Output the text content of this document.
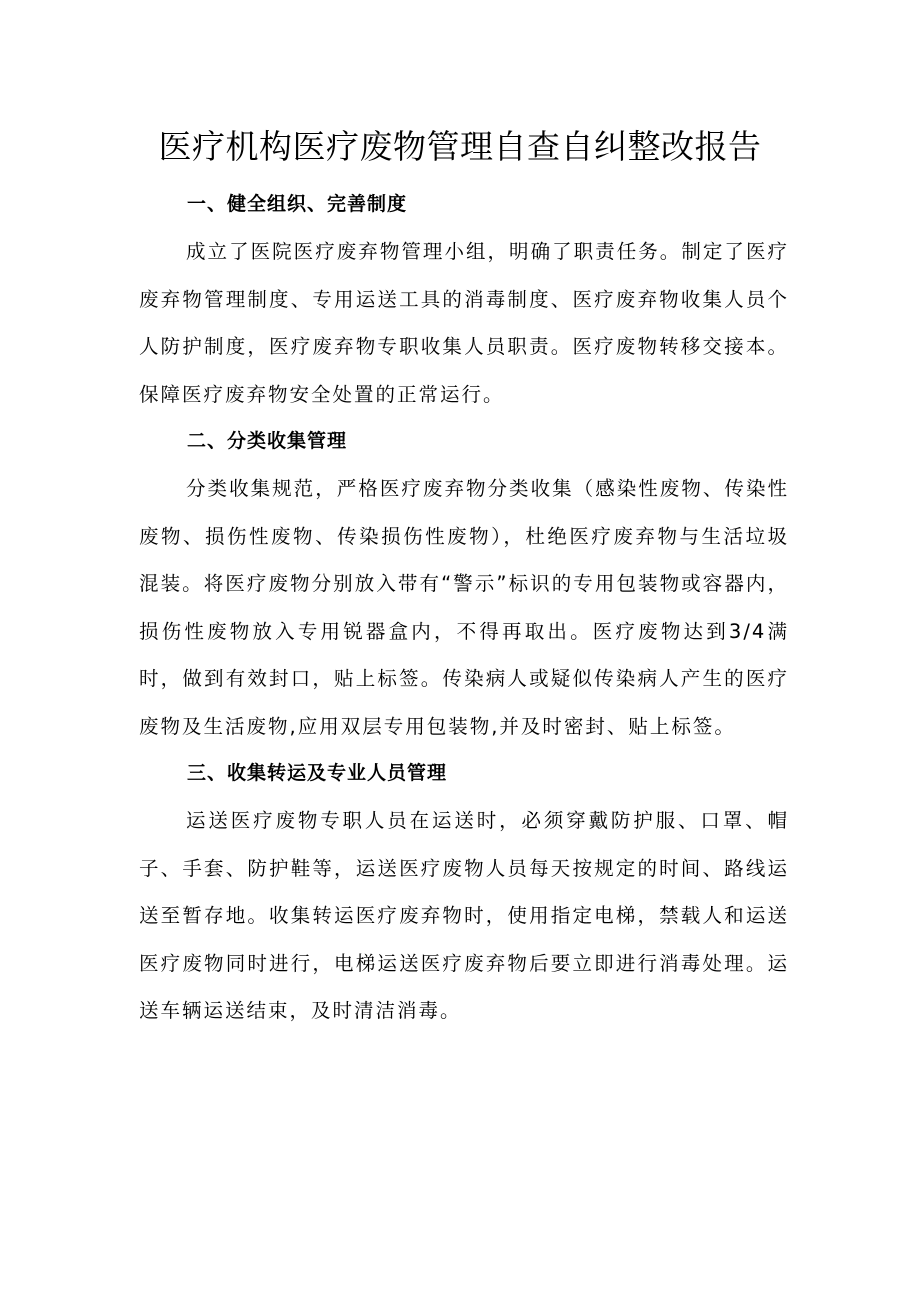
医疗机构医疗废物管理自查自纠整改报告

一、健全组织、完善制度

成立了医院医疗废弃物管理小组，明确了职责任务。制定了医疗废弃物管理制度、专用运送工具的消毒制度、医疗废弃物收集人员个人防护制度，医疗废弃物专职收集人员职责。医疗废物转移交接本。保障医疗废弃物安全处置的正常运行。

二、分类收集管理

分类收集规范，严格医疗废弃物分类收集（感染性废物、传染性废物、损伤性废物、传染损伤性废物），杜绝医疗废弃物与生活垃圾混装。将医疗废物分别放入带有“警示”标识的专用包装物或容器内，损伤性废物放入专用锐器盒内，不得再取出。医疗废物达到3/4满时，做到有效封口，贴上标签。传染病人或疑似传染病人产生的医疗废物及生活废物,应用双层专用包装物,并及时密封、贴上标签。

三、收集转运及专业人员管理

运送医疗废物专职人员在运送时，必须穿戴防护服、口罩、帽子、手套、防护鞋等，运送医疗废物人员每天按规定的时间、路线运送至暂存地。收集转运医疗废弃物时，使用指定电梯，禁载人和运送医疗废物同时进行，电梯运送医疗废弃物后要立即进行消毒处理。运送车辆运送结束，及时清洁消毒。
